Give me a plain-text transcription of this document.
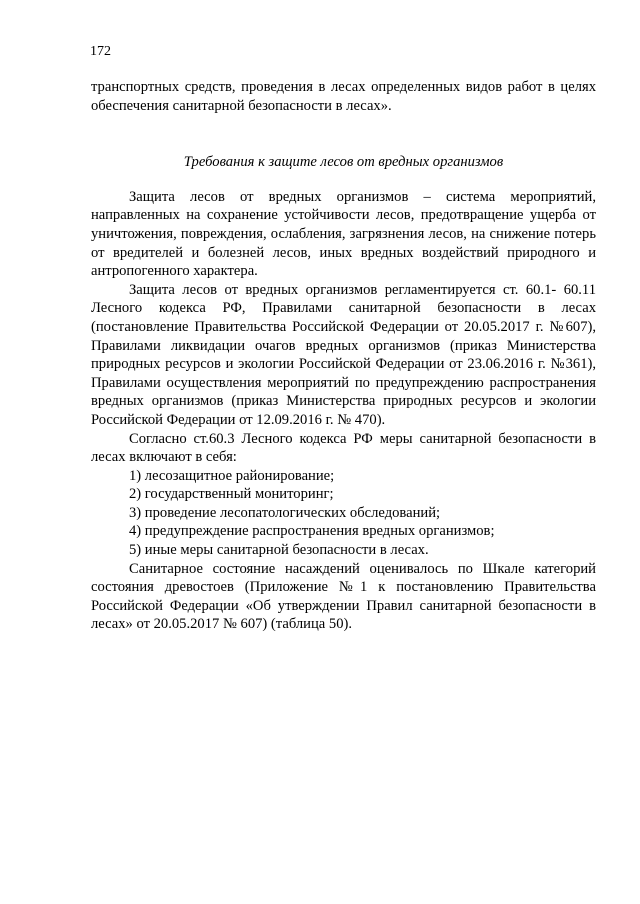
172

транспортных средств, проведения в лесах определенных видов работ в целях обеспечения санитарной безопасности в лесах».

Требования к защите лесов от вредных организмов

Защита лесов от вредных организмов – система мероприятий, направленных на сохранение устойчивости лесов, предотвращение ущерба от уничтожения, повреждения, ослабления, загрязнения лесов, на снижение потерь от вредителей и болезней лесов, иных вредных воздействий природного и антропогенного характера.

Защита лесов от вредных организмов регламентируется ст. 60.1- 60.11 Лесного кодекса РФ, Правилами санитарной безопасности в лесах (постановление Правительства Российской Федерации от 20.05.2017 г. №607), Правилами ликвидации очагов вредных организмов (приказ Министерства природных ресурсов и экологии Российской Федерации от 23.06.2016 г. №361), Правилами осуществления мероприятий по предупреждению распространения вредных организмов (приказ Министерства природных ресурсов и экологии Российской Федерации от 12.09.2016 г. № 470).

Согласно ст.60.3 Лесного кодекса РФ меры санитарной безопасности в лесах включают в себя:

1) лесозащитное районирование;
2) государственный мониторинг;
3) проведение лесопатологических обследований;
4) предупреждение распространения вредных организмов;
5) иные меры санитарной безопасности в лесах.

Санитарное состояние насаждений оценивалось по Шкале категорий состояния древостоев (Приложение №1 к постановлению Правительства Российской Федерации «Об утверждении Правил санитарной безопасности в лесах» от 20.05.2017 № 607) (таблица 50).
